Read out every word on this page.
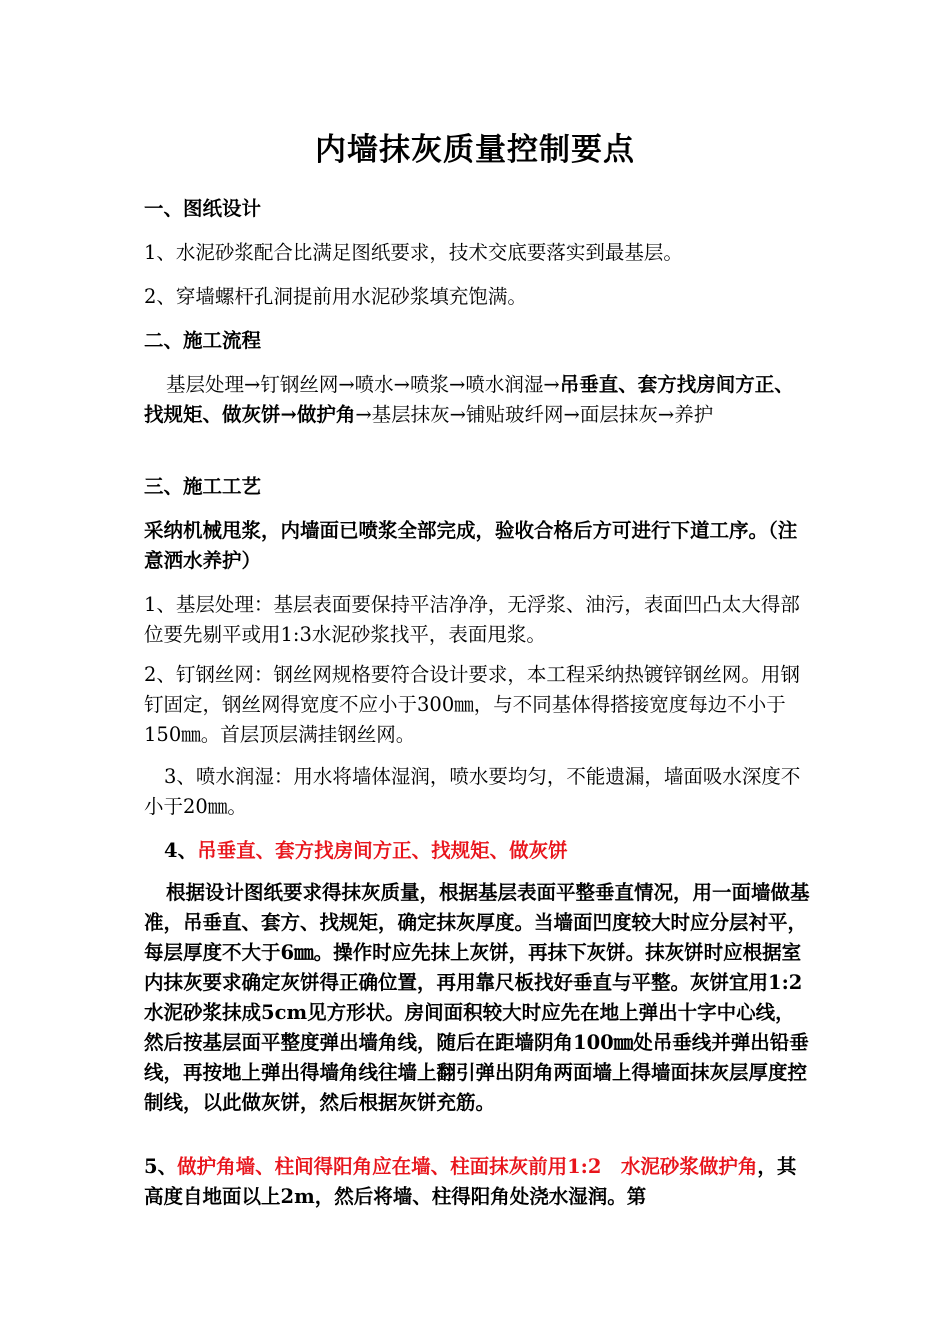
内墙抹灰质量控制要点
一、图纸设计
1、水泥砂浆配合比满足图纸要求，技术交底要落实到最基层。
2、穿墙螺杆孔洞提前用水泥砂浆填充饱满。
二、施工流程
基层处理→钉钢丝网→喷水→喷浆→喷水润湿→吊垂直、套方找房间方正、找规矩、做灰饼→做护角→基层抹灰→铺贴玻纤网→面层抹灰→养护
三、施工工艺
采纳机械甩浆，内墙面已喷浆全部完成，验收合格后方可进行下道工序。（注意洒水养护）
1、基层处理：基层表面要保持平洁净净，无浮浆、油污，表面凹凸太大得部位要先剔平或用1:3水泥砂浆找平，表面甩浆。
2、钉钢丝网：钢丝网规格要符合设计要求，本工程采纳热镀锌钢丝网。用钢钉固定，钢丝网得宽度不应小于300㎜，与不同基体得搭接宽度每边不小于150㎜。首层顶层满挂钢丝网。
3、喷水润湿：用水将墙体湿润，喷水要均匀，不能遗漏，墙面吸水深度不小于20㎜。
4、吊垂直、套方找房间方正、找规矩、做灰饼
根据设计图纸要求得抹灰质量，根据基层表面平整垂直情况，用一面墙做基准，吊垂直、套方、找规矩，确定抹灰厚度。当墙面凹度较大时应分层衬平，每层厚度不大于6㎜。操作时应先抹上灰饼，再抹下灰饼。抹灰饼时应根据室内抹灰要求确定灰饼得正确位置，再用靠尺板找好垂直与平整。灰饼宜用1:2水泥砂浆抹成5cm见方形状。房间面积较大时应先在地上弹出十字中心线，然后按基层面平整度弹出墙角线，随后在距墙阴角100㎜处吊垂线并弹出铅垂线，再按地上弹出得墙角线往墙上翻引弹出阴角两面墙上得墙面抹灰层厚度控制线，以此做灰饼，然后根据灰饼充筋。
5、做护角墙、柱间得阳角应在墙、柱面抹灰前用1:2　水泥砂浆做护角，其高度自地面以上2m，然后将墙、柱得阳角处浇水湿润。第
